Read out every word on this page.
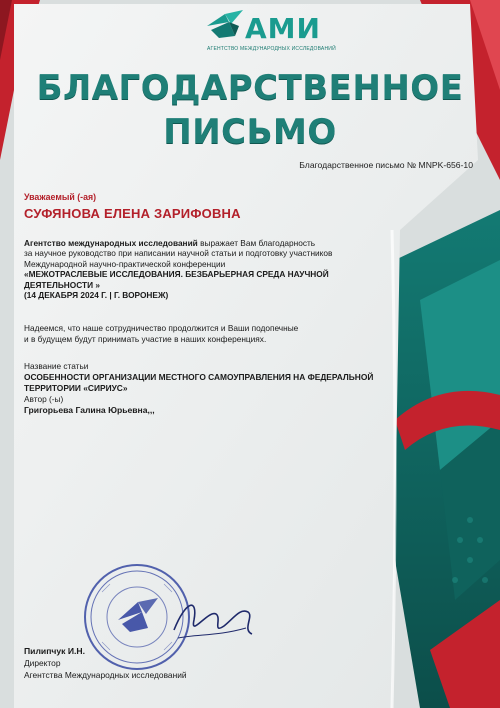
АМИ
АГЕНТСТВО МЕЖДУНАРОДНЫХ ИССЛЕДОВАНИЙ
БЛАГОДАРСТВЕННОЕ
ПИСЬМО
Благодарственное письмо № MNPK-656-10
Уважаемый (-ая)
СУФЯНОВА ЕЛЕНА ЗАРИФОВНА
Агентство международных исследований выражает Вам благодарность
за научное руководство при написании научной статьи и подготовку участников
Международной научно-практической конференции
«МЕЖОТРАСЛЕВЫЕ ИССЛЕДОВАНИЯ. БЕЗБАРЬЕРНАЯ СРЕДА НАУЧНОЙ ДЕЯТЕЛЬНОСТИ »
(14 ДЕКАБРЯ 2024 Г. | Г. ВОРОНЕЖ)
Надеемся, что наше сотрудничество продолжится и Ваши подопечные
и в будущем будут принимать участие в наших конференциях.
Название статьи
ОСОБЕННОСТИ ОРГАНИЗАЦИИ МЕСТНОГО САМОУПРАВЛЕНИЯ НА ФЕДЕРАЛЬНОЙ ТЕРРИТОРИИ «СИРИУС»
Автор (-ы)
Григорьева Галина Юрьевна,,,
Пилипчук И.Н.
Директор
Агентства Международных исследований
